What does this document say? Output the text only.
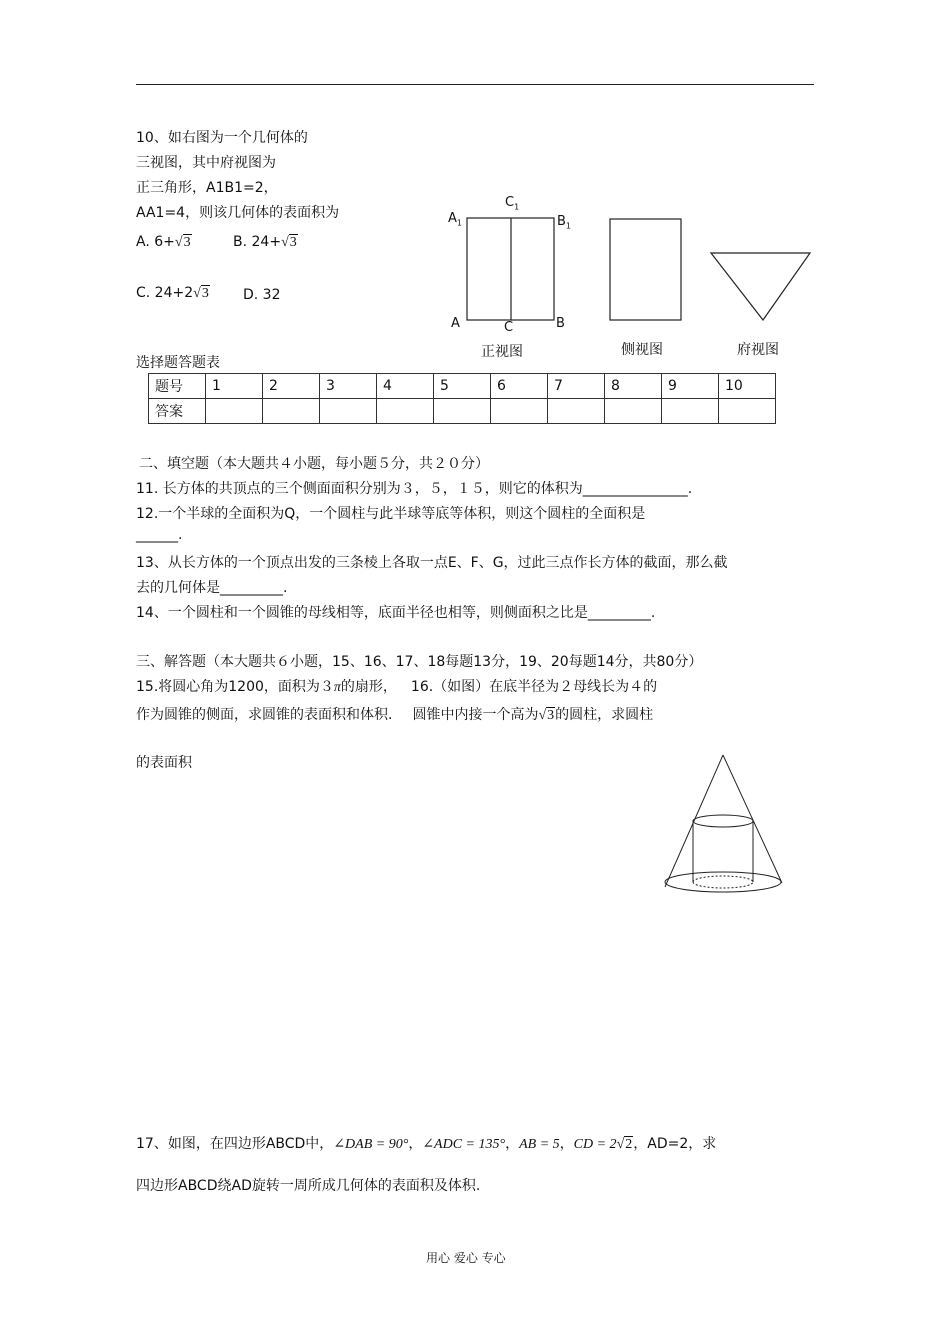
10、如右图为一个几何体的
三视图，其中府视图为
正三角形，A1B1=2，
AA1=4，则该几何体的表面积为
A. 6+√3	B. 24+√3
C. 24+2√3 D. 32
$A_1$
$C_1$
$B_1$
A	C	B
正视图	侧视图	府视图
选择题答题表
题号	1	2	3	4	5	6	7	8	9	10
答案										
二、填空题（本大题共４小题，每小题５分，共２０分）
11. 长方体的共顶点的三个侧面面积分别为３，５，１５，则它的体积为_______________.
12.一个半球的全面积为Q，一个圆柱与此半球等底等体积，则这个圆柱的全面积是
______.
13、从长方体的一个顶点出发的三条棱上各取一点E、F、G，过此三点作长方体的截面，那么截
去的几何体是_________.
14、一个圆柱和一个圆锥的母线相等，底面半径也相等，则侧面积之比是_________.
三、解答题（本大题共６小题，15、16、17、18每题13分，19、20每题14分，共80分）
15.将圆心角为1200，面积为３π的扇形， 16.（如图）在底半径为２母线长为４的
作为圆锥的侧面，求圆锥的表面积和体积. 圆锥中内接一个高为√3的圆柱，求圆柱
的表面积
17、如图，在四边形ABCD中，∠DAB = 90°，∠ADC = 135°，AB = 5，CD = 2√2，AD=2，求
四边形ABCD绕AD旋转一周所成几何体的表面积及体积.
用心 爱心 专心
